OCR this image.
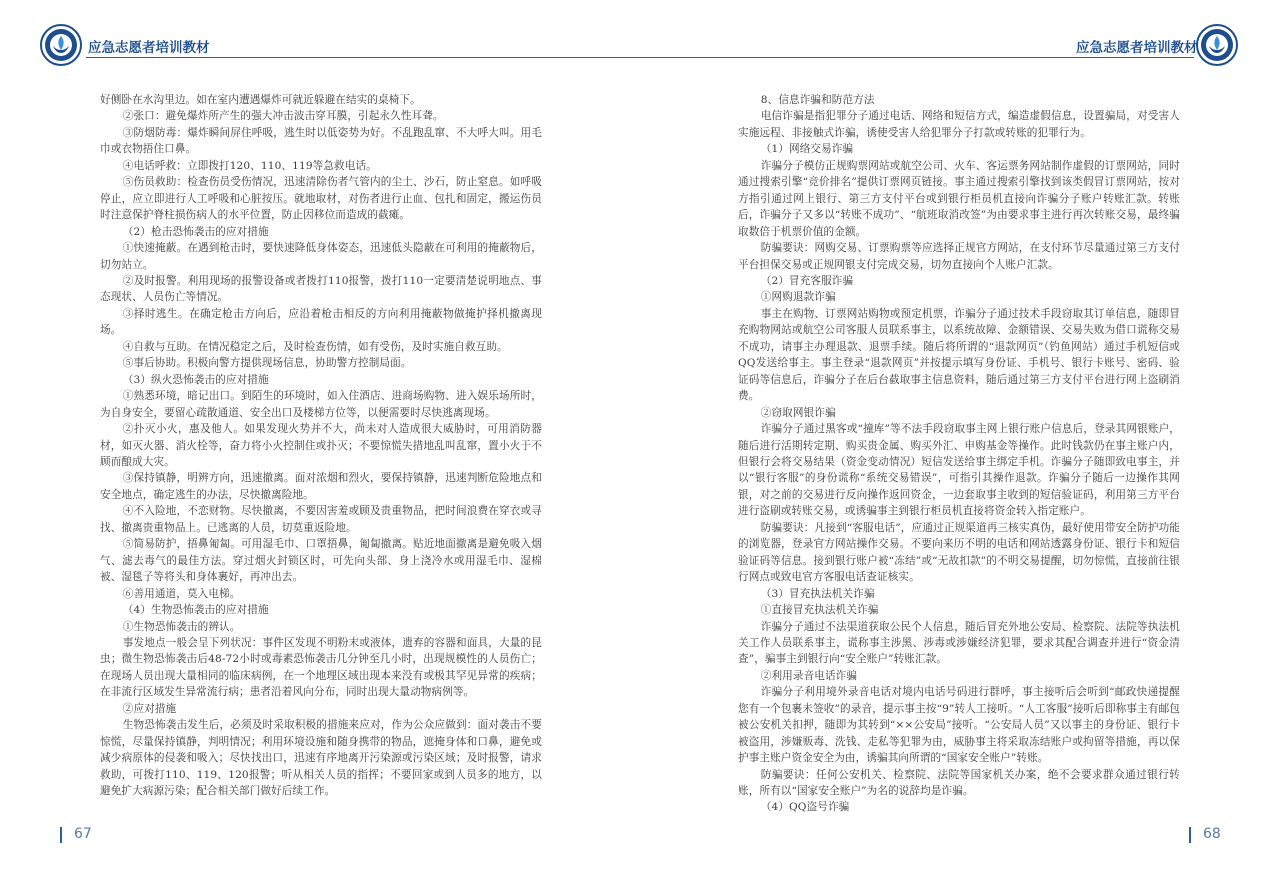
应急志愿者培训教材

好侧卧在水沟里边。如在室内遭遇爆炸可就近躲避在结实的桌椅下。

②张口：避免爆炸所产生的强大冲击波击穿耳膜，引起永久性耳聋。

③防烟防毒：爆炸瞬间屏住呼吸，逃生时以低姿势为好。不乱跑乱窜、不大呼大叫。用毛巾或衣物捂住口鼻。

④电话呼救：立即拨打120、110、119等急救电话。

⑤伤员救助：检查伤员受伤情况，迅速清除伤者气管内的尘土、沙石，防止窒息。如呼吸停止，应立即进行人工呼吸和心脏按压。就地取材，对伤者进行止血、包扎和固定，搬运伤员时注意保护脊柱损伤病人的水平位置，防止因移位而造成的截瘫。

（2）枪击恐怖袭击的应对措施

①快速掩蔽。在遇到枪击时，要快速降低身体姿态，迅速低头隐蔽在可利用的掩蔽物后，切勿站立。

②及时报警。利用现场的报警设备或者拨打110报警，拨打110一定要清楚说明地点、事态现状、人员伤亡等情况。

③择时逃生。在确定枪击方向后，应沿着枪击相反的方向利用掩蔽物做掩护择机撤离现场。

④自救与互助。在情况稳定之后，及时检查伤情，如有受伤，及时实施自救互助。

⑤事后协助。积极向警方提供现场信息，协助警方控制局面。

（3）纵火恐怖袭击的应对措施

①熟悉环境，暗记出口。到陌生的环境时，如入住酒店、进商场购物、进入娱乐场所时，为自身安全，要留心疏散通道、安全出口及楼梯方位等，以便需要时尽快逃离现场。

②扑灭小火，惠及他人。如果发现火势并不大，尚未对人造成很大威胁时，可用消防器材，如灭火器、消火栓等，奋力将小火控制住或扑灭；不要惊慌失措地乱叫乱窜，置小火于不顾而酿成大灾。

③保持镇静，明辨方向，迅速撤离。面对浓烟和烈火，要保持镇静，迅速判断危险地点和安全地点，确定逃生的办法，尽快撤离险地。

④不入险地，不恋财物。尽快撤离，不要因害羞或顾及贵重物品，把时间浪费在穿衣或寻找、撤离贵重物品上。已逃离的人员，切莫重返险地。

⑤简易防护，捂鼻匍匐。可用湿毛巾、口罩捂鼻，匍匐撤离。贴近地面撤离是避免吸入烟气、滤去毒气的最佳方法。穿过烟火封锁区时，可先向头部、身上浇冷水或用湿毛巾、湿棉被、湿毯子等将头和身体裹好，再冲出去。

⑥善用通道，莫入电梯。

（4）生物恐怖袭击的应对措施

①生物恐怖袭击的辨认。

事发地点一般会呈下列状况：事件区发现不明粉末或液体，遗弃的容器和面具，大量的昆虫；微生物恐怖袭击后48-72小时或毒素恐怖袭击几分钟至几小时，出现规模性的人员伤亡；在现场人员出现大量相同的临床病例，在一个地理区域出现本来没有或极其罕见异常的疾病；在非流行区域发生异常流行病；患者沿着风向分布，同时出现大量动物病例等。

②应对措施

生物恐怖袭击发生后，必须及时采取积极的措施来应对，作为公众应做到：面对袭击不要惊慌，尽量保持镇静，判明情况；利用环境设施和随身携带的物品，遮掩身体和口鼻，避免或减少病原体的侵袭和吸入；尽快找出口，迅速有序地离开污染源或污染区域；及时报警，请求救助，可拨打110、119、120报警；听从相关人员的指挥；不要回家或到人员多的地方，以避免扩大病源污染；配合相关部门做好后续工作。

67
应急志愿者培训教材

8、信息诈骗和防范方法

电信诈骗是指犯罪分子通过电话、网络和短信方式，编造虚假信息，设置骗局，对受害人实施远程、非接触式诈骗，诱使受害人给犯罪分子打款或转账的犯罪行为。

（1）网络交易诈骗

诈骗分子模仿正规购票网站或航空公司、火车、客运票务网站制作虚假的订票网站，同时通过搜索引擎“竞价排名”提供订票网页链接。事主通过搜索引擎找到该类假冒订票网站，按对方指引通过网上银行、第三方支付平台或到银行柜员机直接向诈骗分子账户转账汇款。转账后，诈骗分子又多以“转账不成功”、“航班取消改签”为由要求事主进行再次转账交易，最终骗取数倍于机票价值的金额。

防骗要诀：网购交易、订票购票等应选择正规官方网站，在支付环节尽量通过第三方支付平台担保交易或正规网银支付完成交易，切勿直接向个人账户汇款。

（2）冒充客服诈骗

①网购退款诈骗

事主在购物、订票网站购物或预定机票，诈骗分子通过技术手段窃取其订单信息，随即冒充购物网站或航空公司客服人员联系事主，以系统故障、金额错误、交易失败为借口谎称交易不成功，请事主办理退款、退票手续。随后将所谓的“退款网页”（钓鱼网站）通过手机短信或QQ发送给事主。事主登录“退款网页”并按提示填写身份证、手机号、银行卡账号、密码、验证码等信息后，诈骗分子在后台截取事主信息资料，随后通过第三方支付平台进行网上盗刷消费。

②窃取网银诈骗

诈骗分子通过黑客或“撞库”等不法手段窃取事主网上银行账户信息后，登录其网银账户，随后进行活期转定期、购买贵金属、购买外汇、申购基金等操作。此时钱款仍在事主账户内，但银行会将交易结果（资金变动情况）短信发送给事主绑定手机。诈骗分子随即致电事主，并以“银行客服”的身份谎称“系统交易错误”，可指引其操作退款。诈骗分子随后一边操作其网银，对之前的交易进行反向操作返回资金，一边套取事主收到的短信验证码，利用第三方平台进行盗刷或转账交易，或诱骗事主到银行柜员机直接将资金转入指定账户。

防骗要诀：凡接到“客服电话”，应通过正规渠道再三核实真伪，最好使用带安全防护功能的浏览器，登录官方网站操作交易。不要向来历不明的电话和网站透露身份证、银行卡和短信验证码等信息。接到银行账户被“冻结”或“无故扣款”的不明交易提醒，切勿惊慌，直接前往银行网点或致电官方客服电话查证核实。

（3）冒充执法机关诈骗

①直接冒充执法机关诈骗

诈骗分子通过不法渠道获取公民个人信息，随后冒充外地公安局、检察院、法院等执法机关工作人员联系事主，谎称事主涉黑、涉毒或涉嫌经济犯罪，要求其配合调查并进行“资金清查”，骗事主到银行向“安全账户”转账汇款。

②利用录音电话诈骗

诈骗分子利用境外录音电话对境内电话号码进行群呼，事主接听后会听到“邮政快递提醒您有一个包裹未签收”的录音，提示事主按“9”转人工接听。“人工客服”接听后即称事主有邮包被公安机关扣押，随即为其转到“××公安局”接听。“公安局人员”又以事主的身份证、银行卡被盗用，涉嫌贩毒、洗钱、走私等犯罪为由，威胁事主将采取冻结账户或拘留等措施，再以保护事主账户资金安全为由，诱骗其向所谓的“国家安全账户”转账。

防骗要诀：任何公安机关、检察院、法院等国家机关办案，绝不会要求群众通过银行转账，所有以“国家安全账户”为名的说辞均是诈骗。

（4）QQ盗号诈骗

68
